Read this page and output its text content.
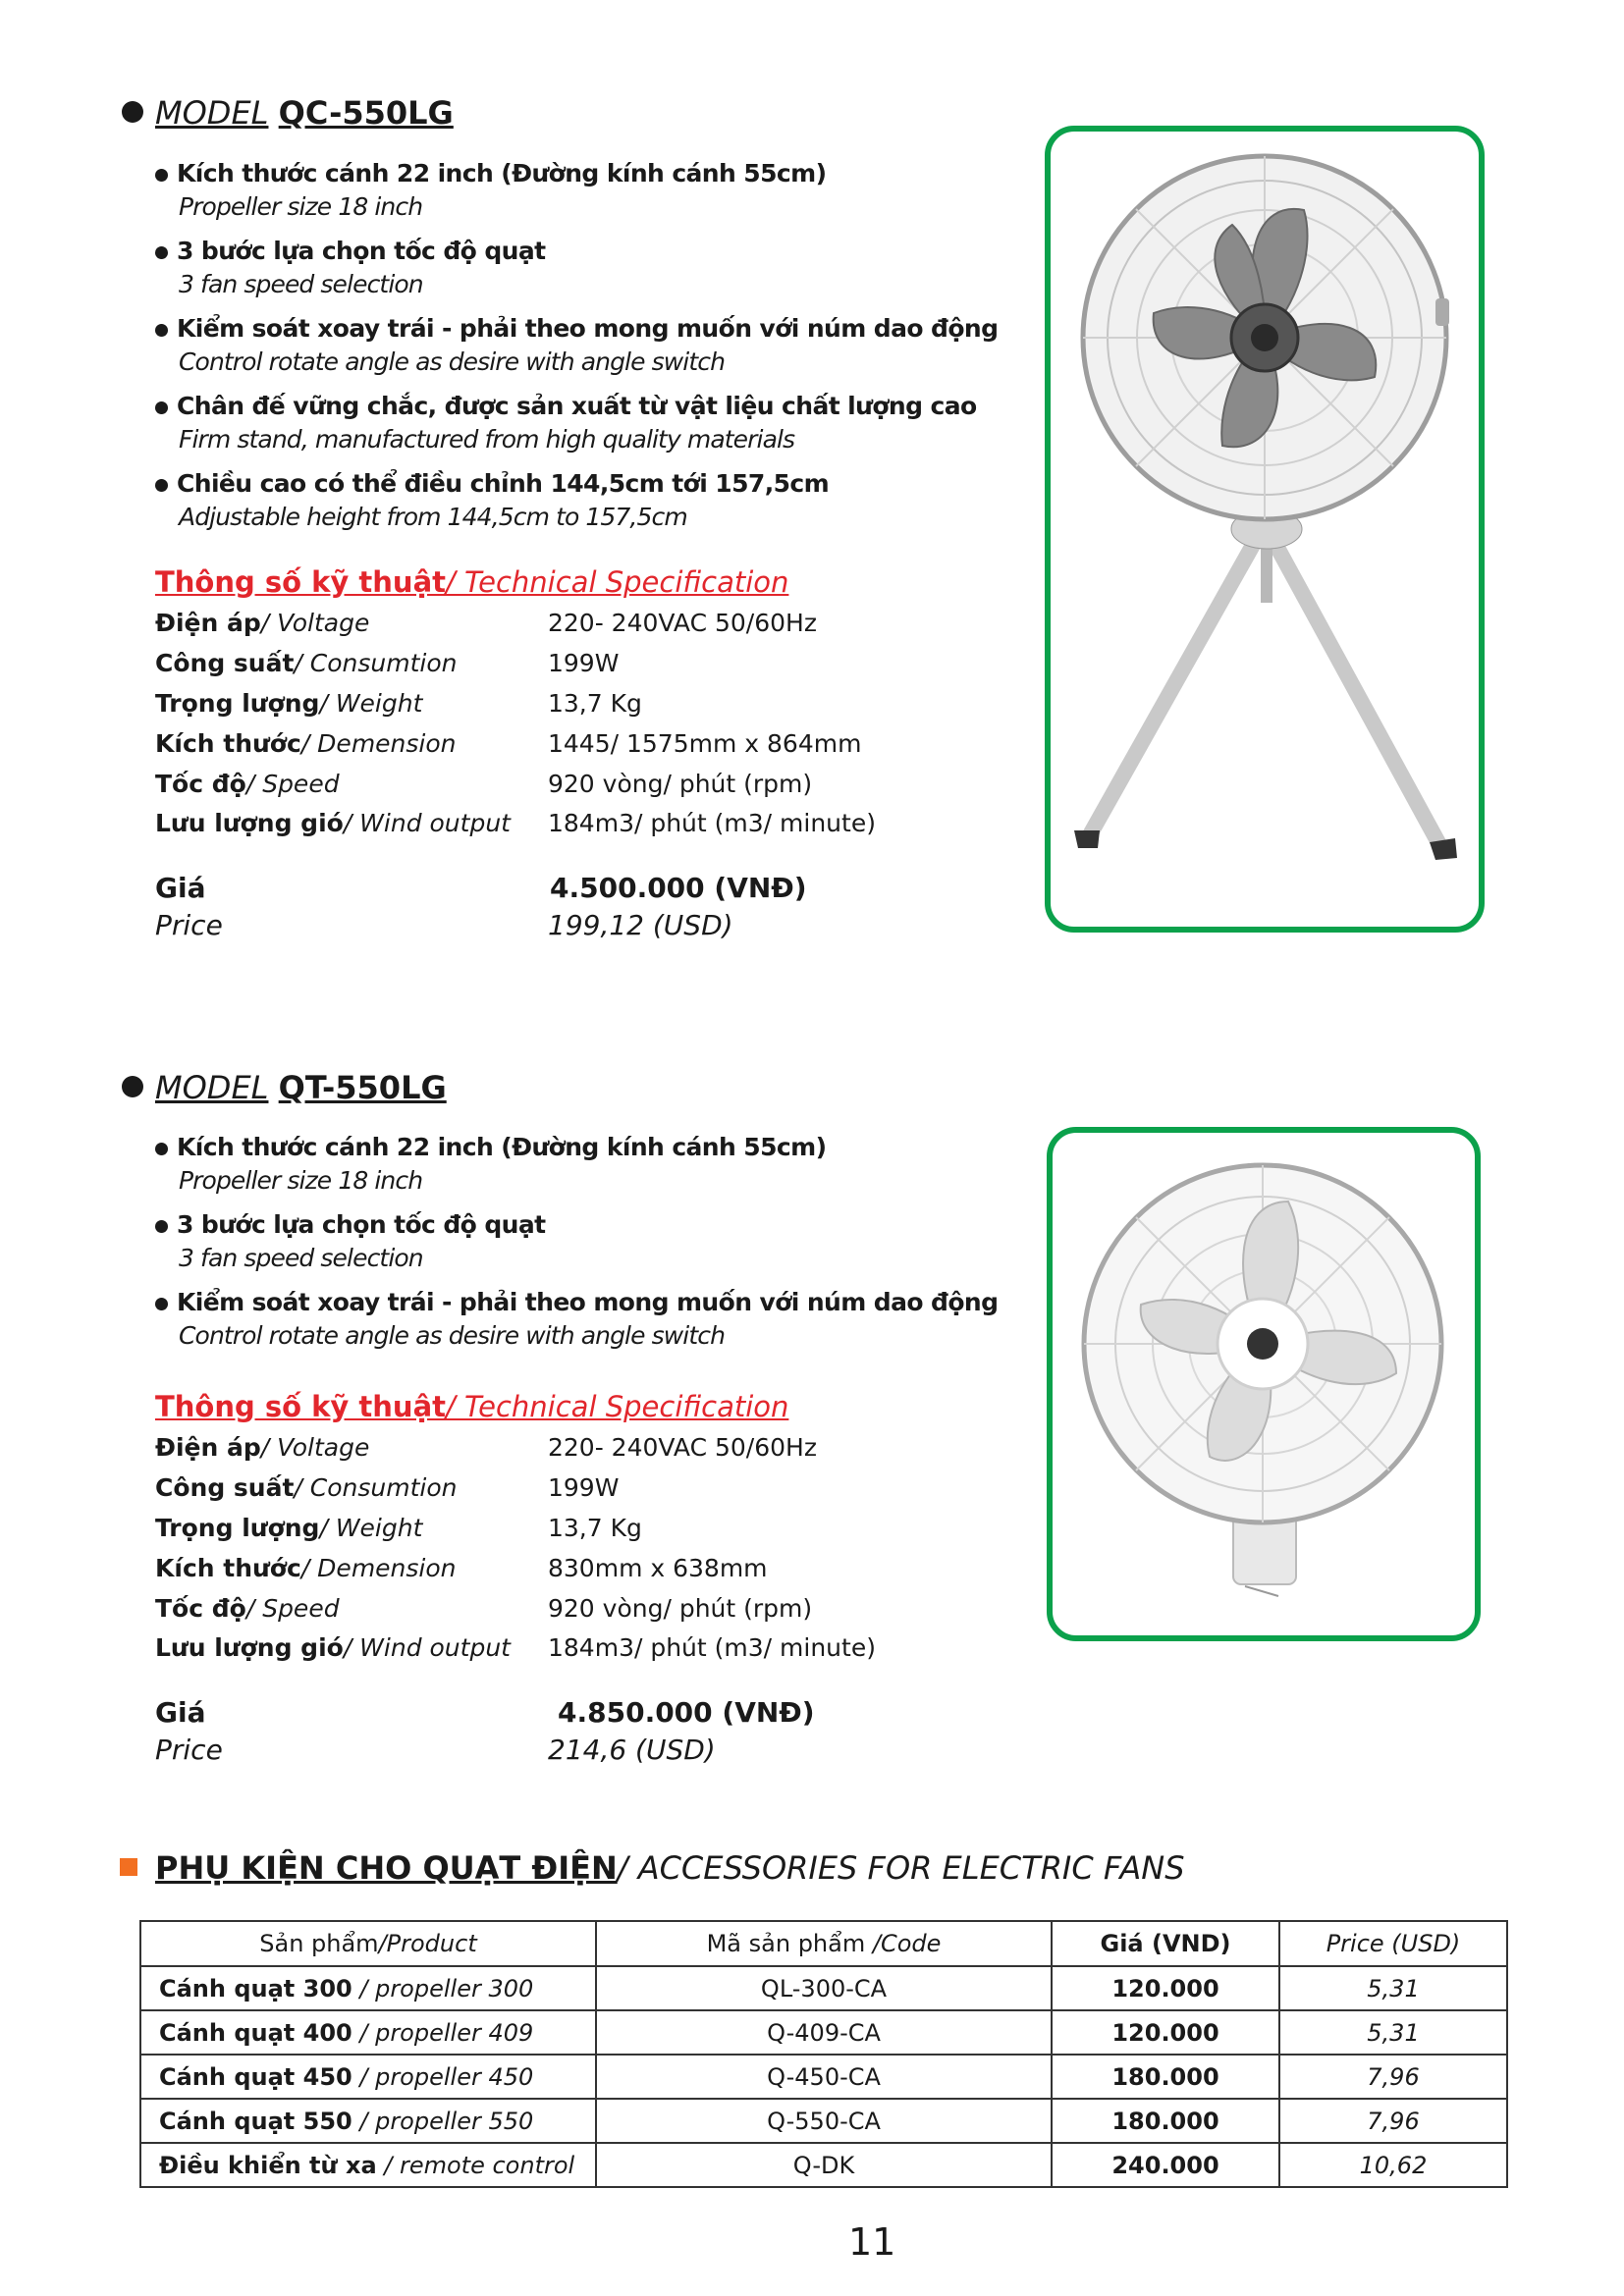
MODEL QC-550LG
Kích thước cánh 22 inch (Đường kính cánh 55cm)
Propeller size 18 inch
3 bước lựa chọn tốc độ quạt
3 fan speed selection
Kiểm soát xoay trái - phải theo mong muốn với núm dao động
Control rotate angle as desire with angle switch
Chân đế vững chắc, được sản xuất từ vật liệu chất lượng cao
Firm stand, manufactured from high quality materials
Chiều cao có thể điều chỉnh 144,5cm tới 157,5cm
Adjustable height from 144,5cm to 157,5cm
Thông số kỹ thuật/ Technical Specification
Điện áp/ Voltage	220- 240VAC 50/60Hz
Công suất/ Consumtion	199W
Trọng lượng/ Weight	13,7 Kg
Kích thước/ Demension	1445/ 1575mm x 864mm
Tốc độ/ Speed	920 vòng/ phút (rpm)
Lưu lượng gió/ Wind output 184m3/ phút (m3/ minute)
Giá	4.500.000 (VNĐ)
Price	199,12 (USD)
MODEL QT-550LG
Kích thước cánh 22 inch (Đường kính cánh 55cm)
Propeller size 18 inch
3 bước lựa chọn tốc độ quạt
3 fan speed selection
Kiểm soát xoay trái - phải theo mong muốn với núm dao động
Control rotate angle as desire with angle switch
Thông số kỹ thuật/ Technical Specification
Điện áp/ Voltage	220- 240VAC 50/60Hz
Công suất/ Consumtion	199W
Trọng lượng/ Weight	13,7 Kg
Kích thước/ Demension	830mm x 638mm
Tốc độ/ Speed	920 vòng/ phút (rpm)
Lưu lượng gió/ Wind output 184m3/ phút (m3/ minute)
Giá	4.850.000 (VNĐ)
Price	214,6 (USD)
PHỤ KIỆN CHO QUẠT ĐIỆN/ ACCESSORIES FOR ELECTRIC FANS
Sản phẩm/Product	Mã sản phẩm /Code	Giá (VND)	Price (USD)
Cánh quạt 300 / propeller 300	QL-300-CA	120.000	5,31
Cánh quạt 400 / propeller 409	Q-409-CA	120.000	5,31
Cánh quạt 450 / propeller 450	Q-450-CA	180.000	7,96
Cánh quạt 550 / propeller 550	Q-550-CA	180.000	7,96
Điều khiển từ xa / remote control	Q-DK	240.000	10,62
11
